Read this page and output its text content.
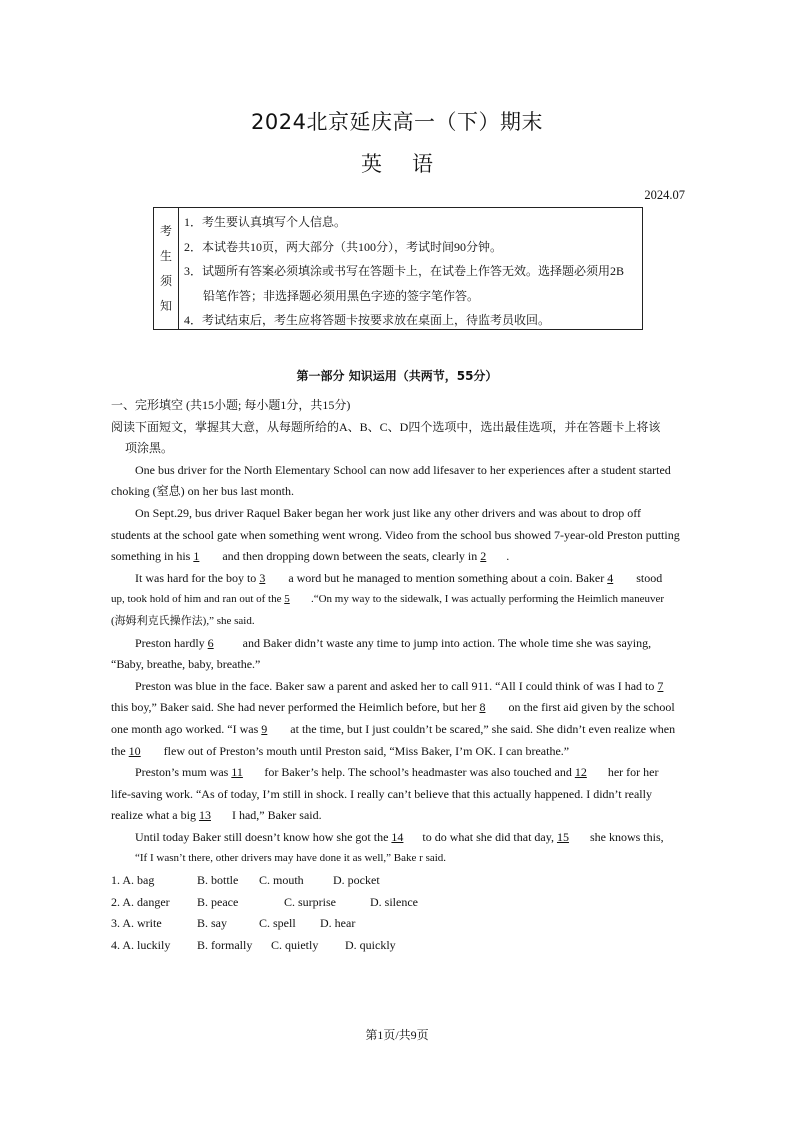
2024北京延庆高一（下）期末
英语
2024.07
考
生
须
知
1．考生要认真填写个人信息。
2．本试卷共10页，两大部分（共100分），考试时间90分钟。
3．试题所有答案必须填涂或书写在答题卡上，在试卷上作答无效。选择题必须用2B
铅笔作答；非选择题必须用黑色字迹的签字笔作答。
4．考试结束后，考生应将答题卡按要求放在桌面上，待监考员收回。
第一部分 知识运用（共两节，55分）

一、完形填空 (共15小题; 每小题1分，共15分)

阅读下面短文，掌握其大意，从每题所给的A、B、C、D四个选项中，选出最佳选项，并在答题卡上将该

项涂黑。

One bus driver for the North Elementary School can now add lifesaver to her experiences after a student started

choking (窒息) on her bus last month.

On Sept.29, bus driver Raquel Baker began her work just like any other drivers and was about to drop off

students at the school gate when something went wrong. Video from the school bus showed 7-year-old Preston putting

something in his 1 and then dropping down between the seats, clearly in 2 .

It was hard for the boy to 3 a word but he managed to mention something about a coin. Baker 4 stood

up, took hold of him and ran out of the 5 .“On my way to the sidewalk, I was actually performing the Heimlich maneuver

(海姆利克氏操作法),” she said.

Preston hardly 6 and Baker didn’t waste any time to jump into action. The whole time she was saying,

“Baby, breathe, baby, breathe.”

Preston was blue in the face. Baker saw a parent and asked her to call 911. “All I could think of was I had to 7

this boy,” Baker said. She had never performed the Heimlich before, but her 8 on the first aid given by the school

one month ago worked. “I was 9 at the time, but I just couldn’t be scared,” she said. She didn’t even realize when

the 10 flew out of Preston’s mouth until Preston said, “Miss Baker, I’m OK. I can breathe.”

Preston’s mum was 11 for Baker’s help. The school’s headmaster was also touched and 12 her for her

life-saving work. “As of today, I’m still in shock. I really can’t believe that this actually happened. I didn’t really

realize what a big 13 I had,” Baker said.

Until today Baker still doesn’t know how she got the 14 to do what she did that day, 15 she knows this,

“If I wasn’t there, other drivers may have done it as well,” Bake r said.

1. A. bag	B. bottle	C. mouth	D. pocket
2. A. danger	B. peace	C. surprise	D. silence
3. A. write	B. say	C. spell	D. hear
4. A. luckily	B. formally	C. quietly	D. quickly
第1页/共9页
